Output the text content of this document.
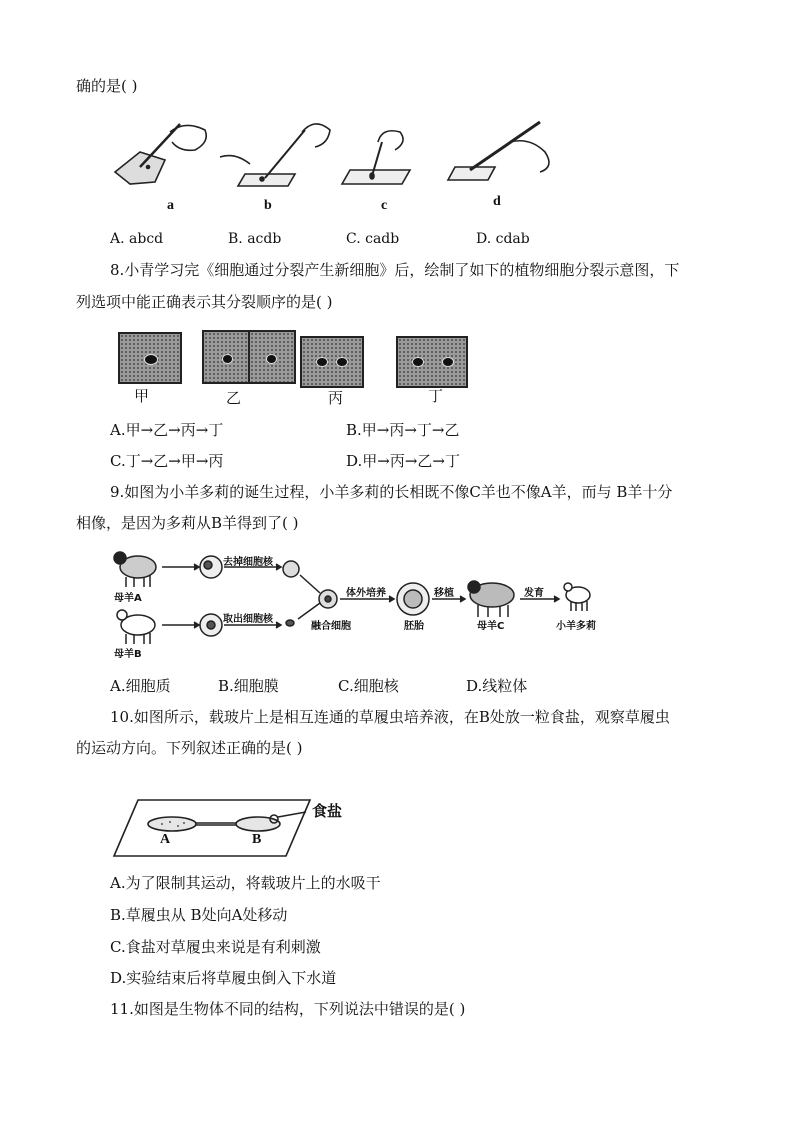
确的是( )
a	b	c	d
A. abcd	B. acdb	C. cadb	D. cdab
8.小青学习完《细胞通过分裂产生新细胞》后，绘制了如下的植物细胞分裂示意图，下
列选项中能正确表示其分裂顺序的是( )
甲	乙	丙	丁
A.甲→乙→丙→丁	B.甲→丙→丁→乙
C.丁→乙→甲→丙	D.甲→丙→乙→丁
9.如图为小羊多莉的诞生过程，小羊多莉的长相既不像C羊也不像A羊，而与 B羊十分
相像，是因为多莉从B羊得到了( )
母羊A
母羊B
去掉细胞核
取出细胞核
融合细胞
体外培养
胚胎
移植
母羊C
发育
小羊多莉
A.细胞质	B.细胞膜	C.细胞核	D.线粒体
10.如图所示，载玻片上是相互连通的草履虫培养液，在B处放一粒食盐，观察草履虫
的运动方向。下列叙述正确的是( )
食盐
A	B
A.为了限制其运动，将载玻片上的水吸干
B.草履虫从 B处向A处移动
C.食盐对草履虫来说是有利刺激
D.实验结束后将草履虫倒入下水道
11.如图是生物体不同的结构，下列说法中错误的是( )
